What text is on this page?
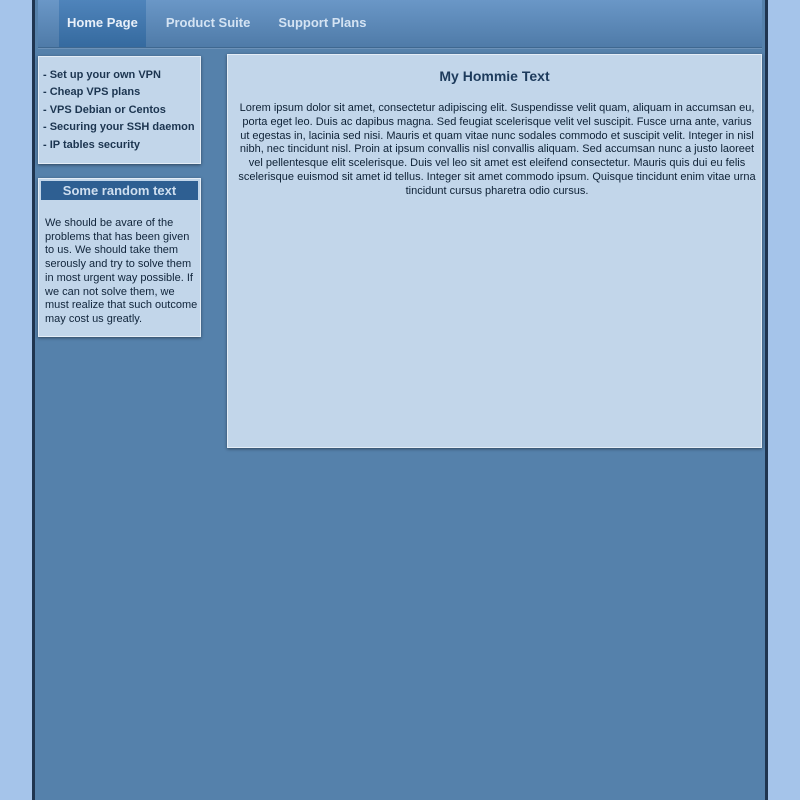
Home Page	Product Suite	Support Plans
- Set up your own VPN
- Cheap VPS plans
- VPS Debian or Centos
- Securing your SSH daemon
- IP tables security
Some random text
We should be avare of the problems that has been given to us. We should take them serously and try to solve them in most urgent way possible. If we can not solve them, we must realize that such outcome may cost us greatly.
My Hommie Text
Lorem ipsum dolor sit amet, consectetur adipiscing elit. Suspendisse velit quam, aliquam in accumsan eu, porta eget leo. Duis ac dapibus magna. Sed feugiat scelerisque velit vel suscipit. Fusce urna ante, varius ut egestas in, lacinia sed nisi. Mauris et quam vitae nunc sodales commodo et suscipit velit. Integer in nisl nibh, nec tincidunt nisl. Proin at ipsum convallis nisl convallis aliquam. Sed accumsan nunc a justo laoreet vel pellentesque elit scelerisque. Duis vel leo sit amet est eleifend consectetur. Mauris quis dui eu felis scelerisque euismod sit amet id tellus. Integer sit amet commodo ipsum. Quisque tincidunt enim vitae urna tincidunt cursus pharetra odio cursus.
